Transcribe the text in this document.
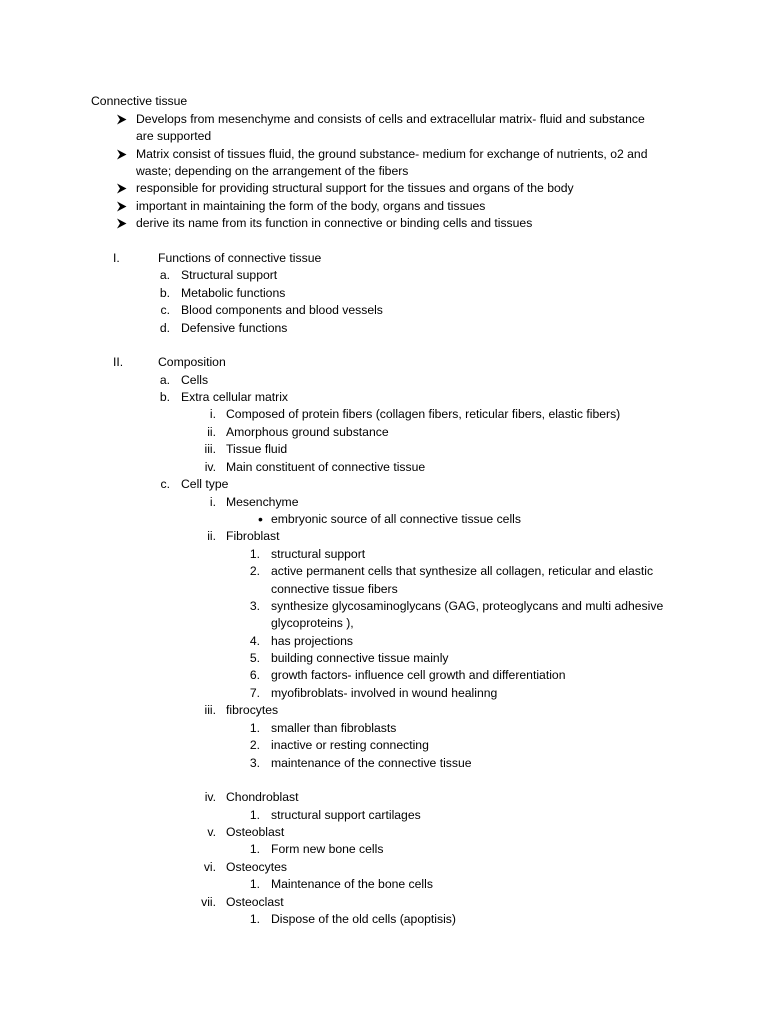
Connective tissue
Develops from mesenchyme and consists of cells and extracellular matrix- fluid and substance
are supported
Matrix consist of tissues fluid, the ground substance- medium for exchange of nutrients, o2 and
waste; depending on the arrangement of the fibers
responsible for providing structural support for the tissues and organs of the body
important in maintaining the form of the body, organs and tissues
derive its name from its function in connective or binding cells and tissues
I.	Functions of connective tissue
a. Structural support
b. Metabolic functions
c. Blood components and blood vessels
d. Defensive functions
II.	Composition
a. Cells
b. Extra cellular matrix
i. Composed of protein fibers (collagen fibers, reticular fibers, elastic fibers)
ii. Amorphous ground substance
iii. Tissue fluid
iv. Main constituent of connective tissue
c. Cell type
i. Mesenchyme
• embryonic source of all connective tissue cells
ii. Fibroblast
1. structural support
2. active permanent cells that synthesize all collagen, reticular and elastic
connective tissue fibers
3. synthesize glycosaminoglycans (GAG, proteoglycans and multi adhesive
glycoproteins ),
4. has projections
5. building connective tissue mainly
6. growth factors- influence cell growth and differentiation
7. myofibroblats- involved in wound healinng
iii. fibrocytes
1. smaller than fibroblasts
2. inactive or resting connecting
3. maintenance of the connective tissue
iv. Chondroblast
1. structural support cartilages
v. Osteoblast
1. Form new bone cells
vi. Osteocytes
1. Maintenance of the bone cells
vii. Osteoclast
1. Dispose of the old cells (apoptisis)
